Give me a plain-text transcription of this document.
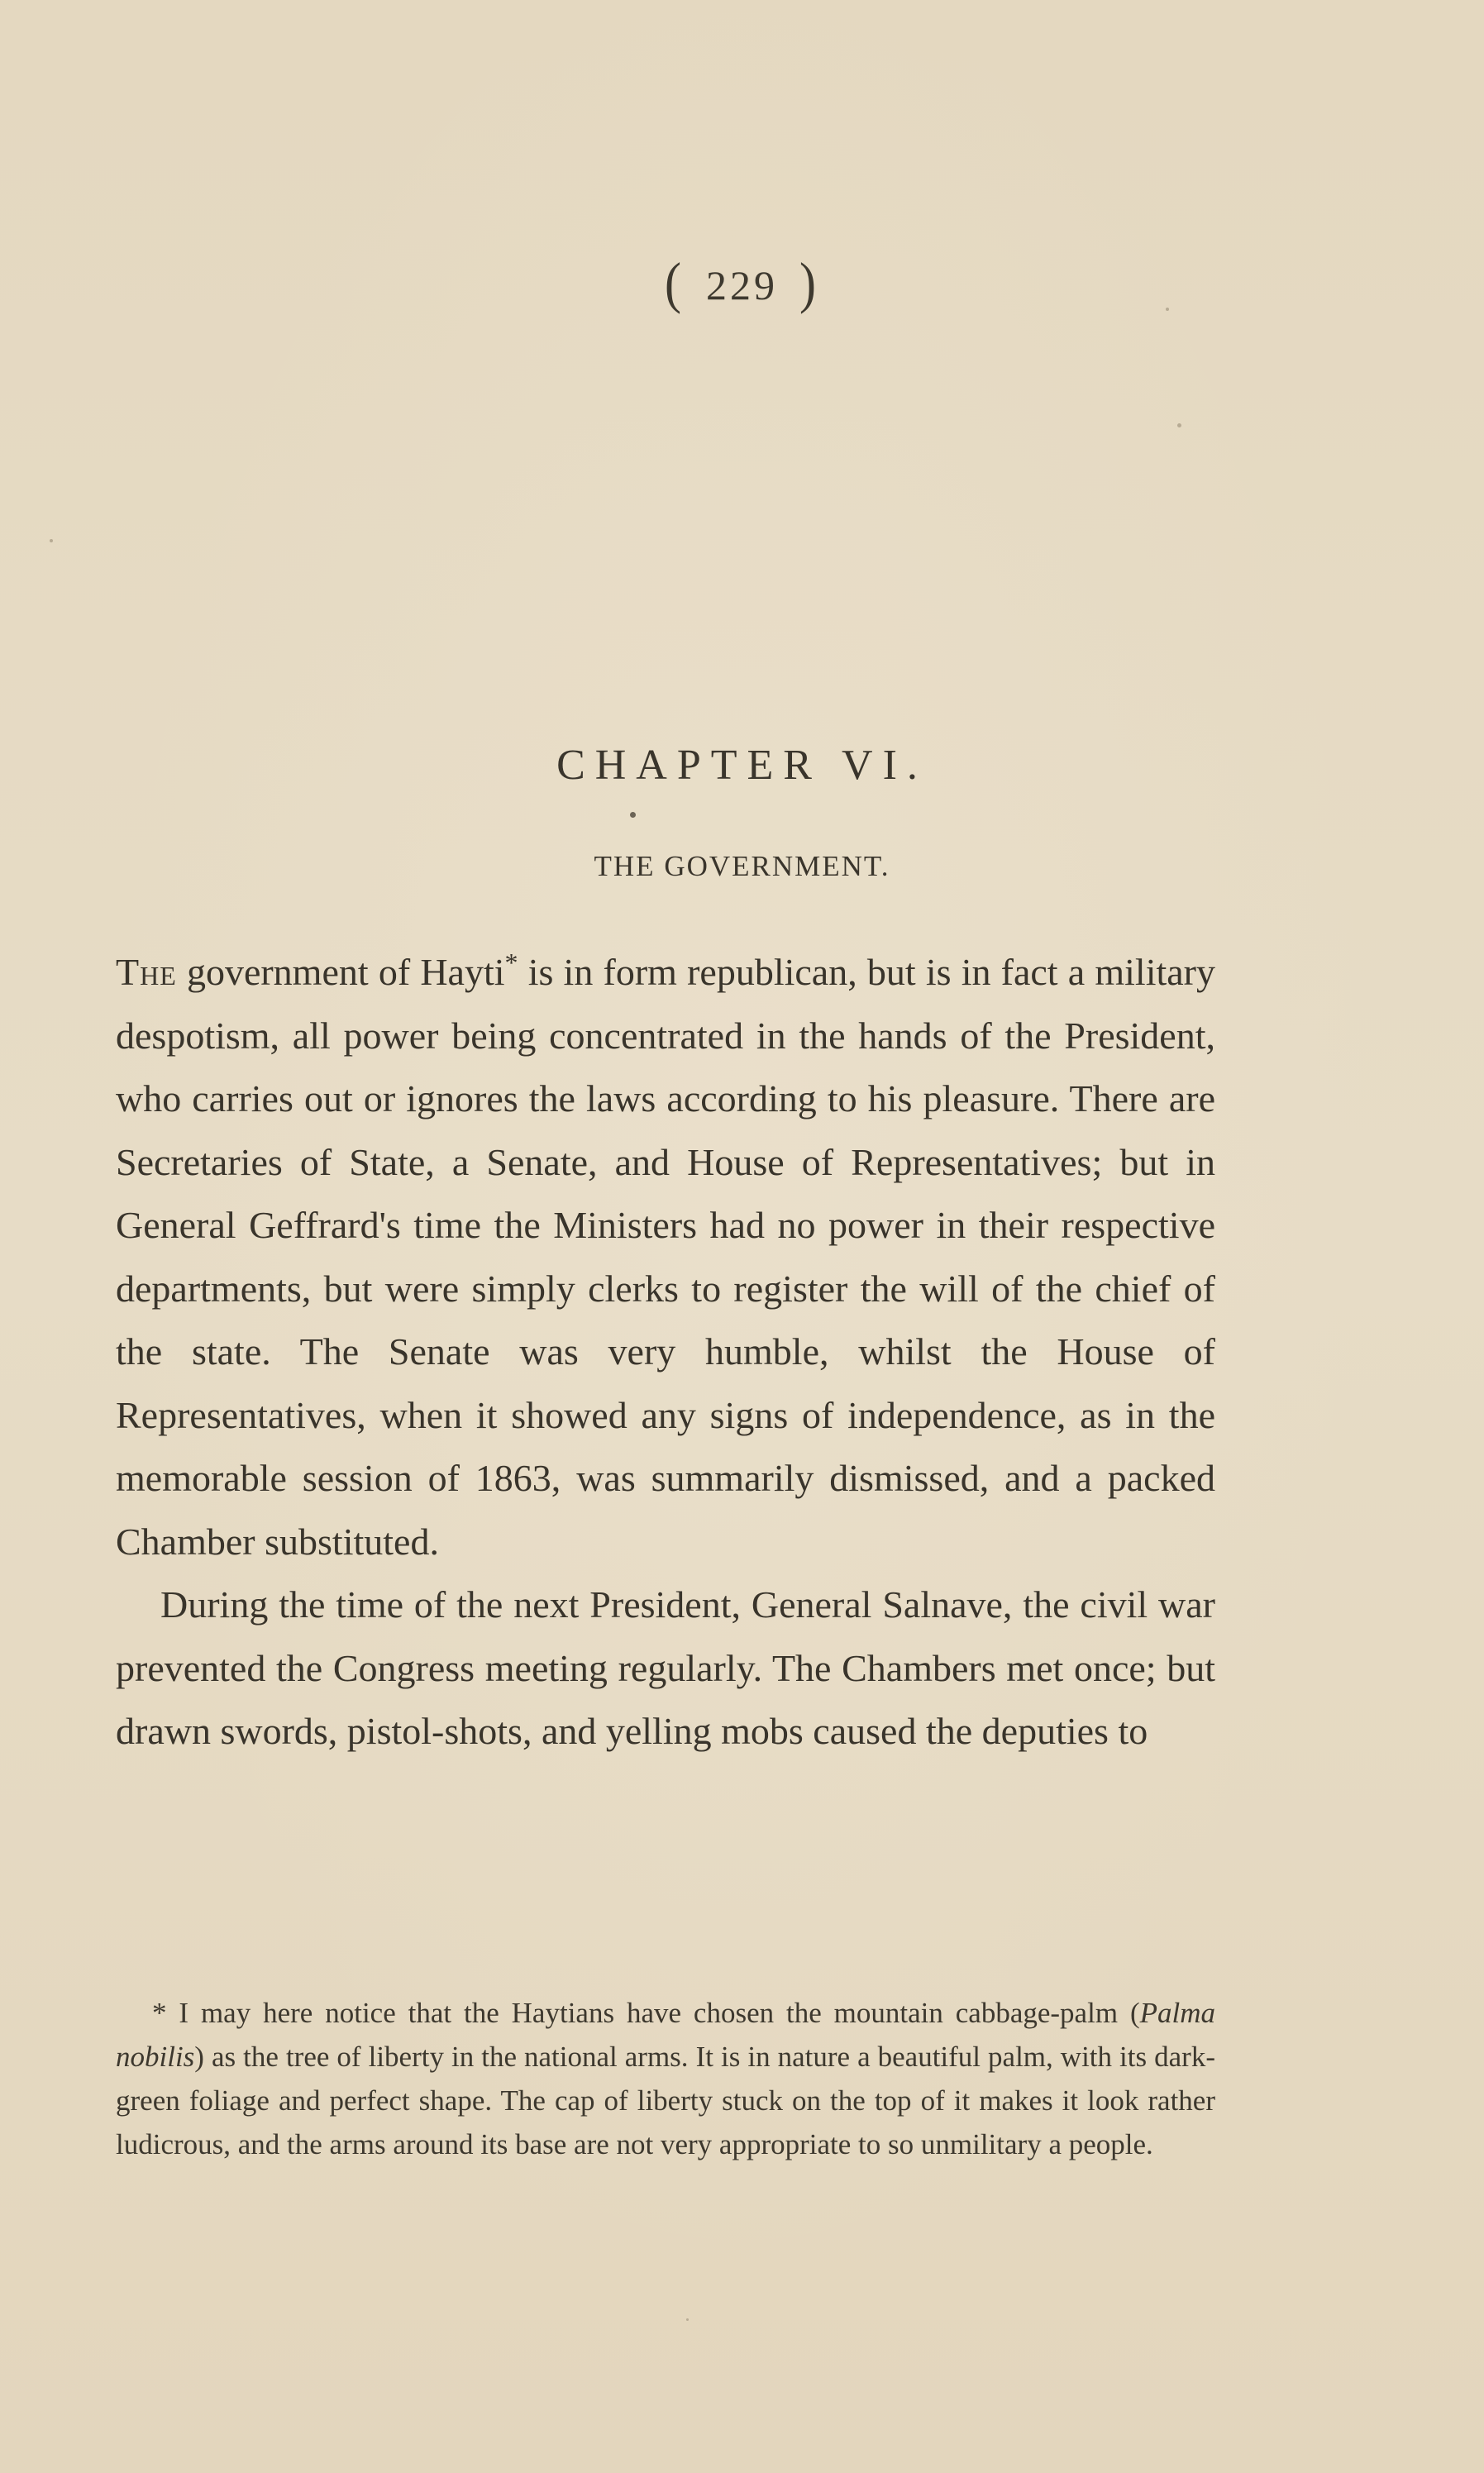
( 229 )
CHAPTER VI.
THE GOVERNMENT.

The government of Hayti* is in form republican, but is in fact a military despotism, all power being concentrated in the hands of the President, who carries out or ignores the laws according to his pleasure. There are Secretaries of State, a Senate, and House of Representatives; but in General Geffrard's time the Ministers had no power in their respective departments, but were simply clerks to register the will of the chief of the state. The Senate was very humble, whilst the House of Representatives, when it showed any signs of independence, as in the memorable session of 1863, was summarily dismissed, and a packed Chamber substituted.

During the time of the next President, General Salnave, the civil war prevented the Congress meeting regularly. The Chambers met once; but drawn swords, pistol-shots, and yelling mobs caused the deputies to

* I may here notice that the Haytians have chosen the mountain cabbage-palm (Palma nobilis) as the tree of liberty in the national arms. It is in nature a beautiful palm, with its dark-green foliage and perfect shape. The cap of liberty stuck on the top of it makes it look rather ludicrous, and the arms around its base are not very appropriate to so unmilitary a people.
